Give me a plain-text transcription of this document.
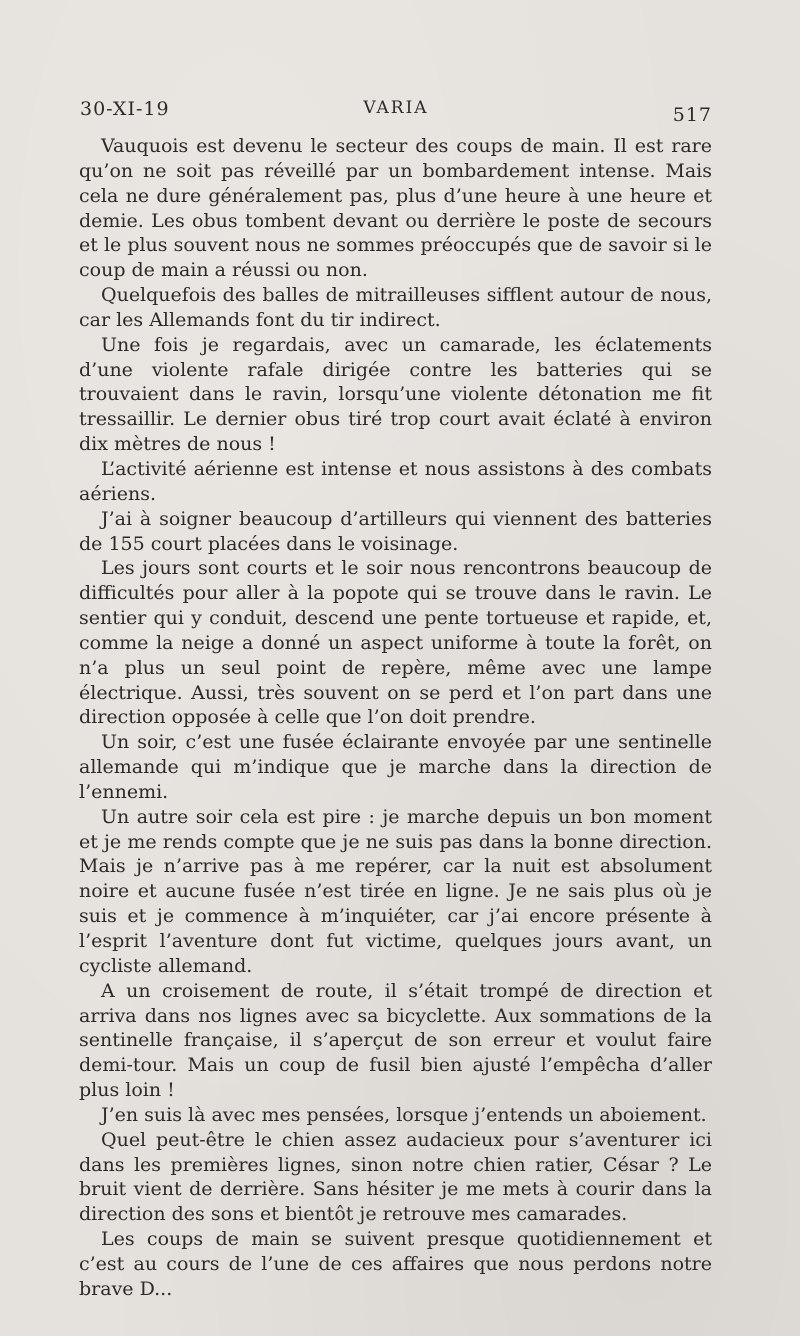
30-XI-19	VARIA	517

Vauquois est devenu le secteur des coups de main. Il est rare qu’on ne soit pas réveillé par un bombardement intense. Mais cela ne dure généralement pas, plus d’une heure à une heure et demie. Les obus tombent devant ou derrière le poste de secours et le plus souvent nous ne sommes préoccupés que de savoir si le coup de main a réussi ou non.

Quelquefois des balles de mitrailleuses sifflent autour de nous, car les Allemands font du tir indirect.

Une fois je regardais, avec un camarade, les éclatements d’une violente rafale dirigée contre les batteries qui se trouvaient dans le ravin, lorsqu’une violente détonation me fit tressaillir. Le dernier obus tiré trop court avait éclaté à environ dix mètres de nous !

L’activité aérienne est intense et nous assistons à des combats aériens.

J’ai à soigner beaucoup d’artilleurs qui viennent des batteries de 155 court placées dans le voisinage.

Les jours sont courts et le soir nous rencontrons beaucoup de difficultés pour aller à la popote qui se trouve dans le ravin. Le sentier qui y conduit, descend une pente tortueuse et rapide, et, comme la neige a donné un aspect uniforme à toute la forêt, on n’a plus un seul point de repère, même avec une lampe électrique. Aussi, très souvent on se perd et l’on part dans une direction opposée à celle que l’on doit prendre.

Un soir, c’est une fusée éclairante envoyée par une sentinelle allemande qui m’indique que je marche dans la direction de l’ennemi.

Un autre soir cela est pire : je marche depuis un bon moment et je me rends compte que je ne suis pas dans la bonne direction. Mais je n’arrive pas à me repérer, car la nuit est absolument noire et aucune fusée n’est tirée en ligne. Je ne sais plus où je suis et je commence à m’inquiéter, car j’ai encore présente à l’esprit l’aventure dont fut victime, quelques jours avant, un cycliste allemand.

A un croisement de route, il s’était trompé de direction et arriva dans nos lignes avec sa bicyclette. Aux sommations de la sentinelle française, il s’aperçut de son erreur et voulut faire demi-tour. Mais un coup de fusil bien ajusté l’empêcha d’aller plus loin !

J’en suis là avec mes pensées, lorsque j’entends un aboiement.

Quel peut-être le chien assez audacieux pour s’aventurer ici dans les premières lignes, sinon notre chien ratier, César ? Le bruit vient de derrière. Sans hésiter je me mets à courir dans la direction des sons et bientôt je retrouve mes camarades.

Les coups de main se suivent presque quotidiennement et c’est au cours de l’une de ces affaires que nous perdons notre brave D...
